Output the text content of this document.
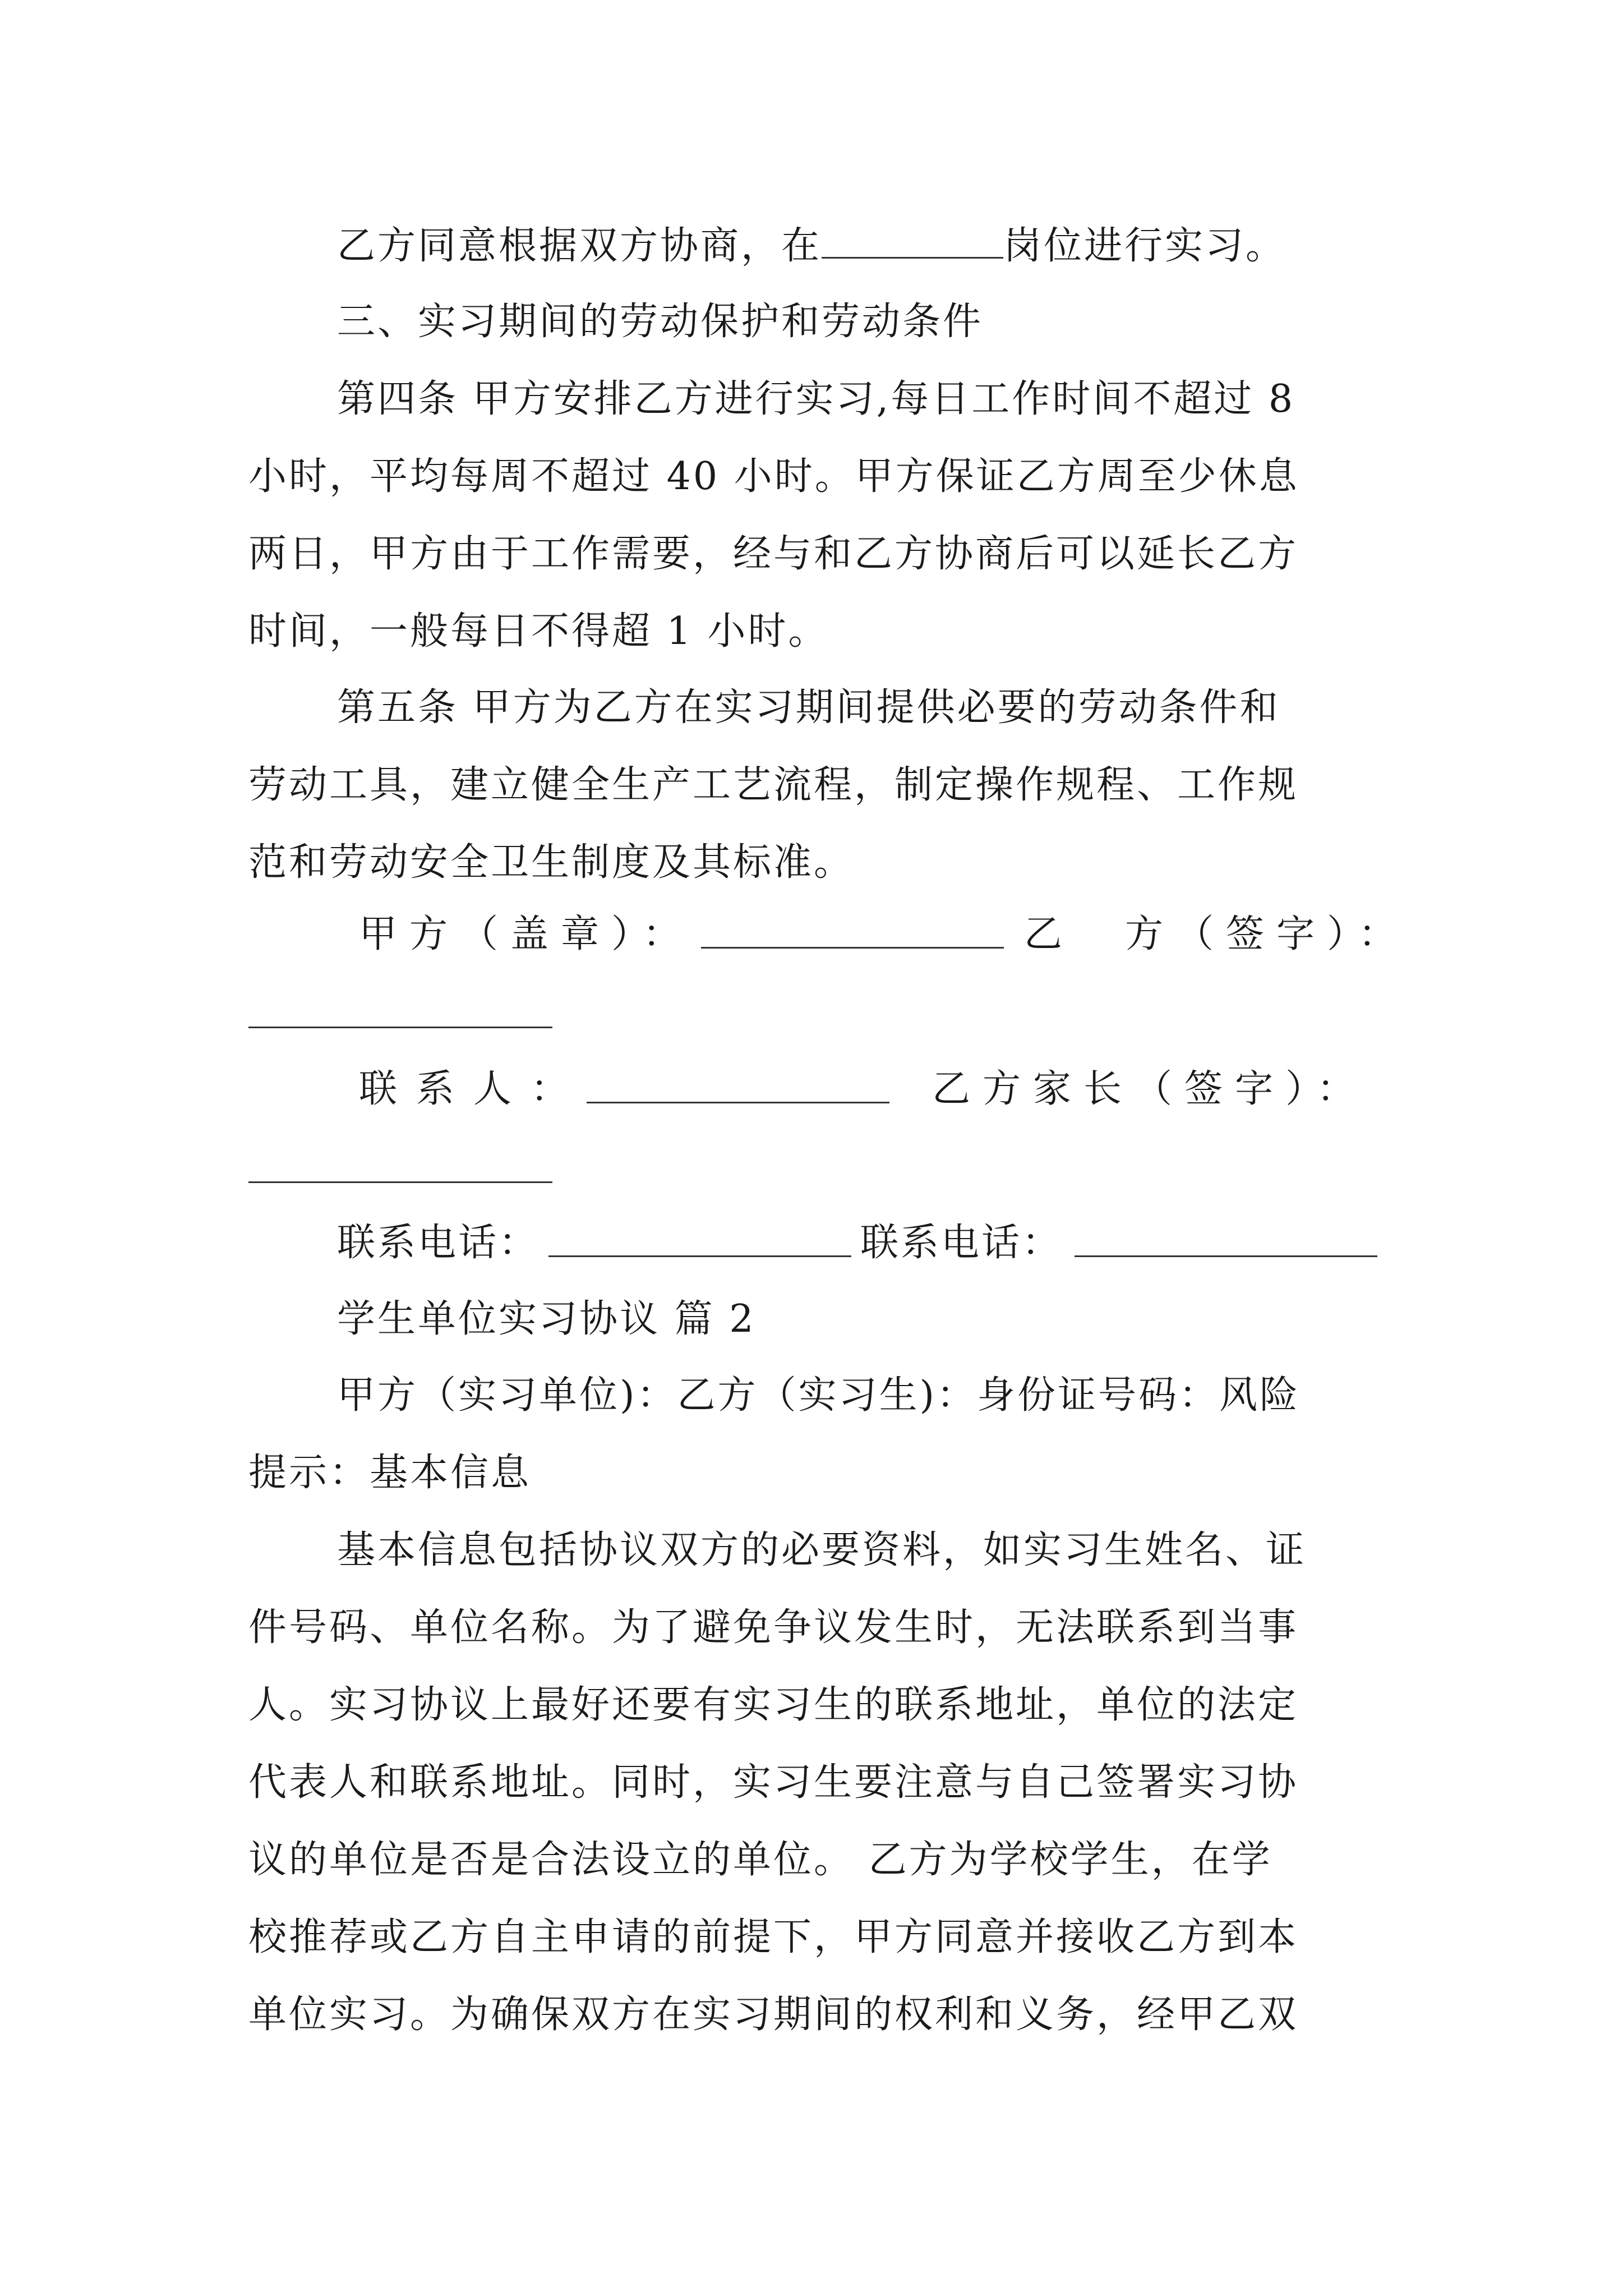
乙方同意根据双方协商，在	岗位进行实习。
三、实习期间的劳动保护和劳动条件
第四条 甲方安排乙方进行实习,每日工作时间不超过 8
小时，平均每周不超过 40 小时。甲方保证乙方周至少休息
两日，甲方由于工作需要，经与和乙方协商后可以延长乙方
时间，一般每日不得超 1 小时。
第五条 甲方为乙方在实习期间提供必要的劳动条件和
劳动工具，建立健全生产工艺流程，制定操作规程、工作规
范和劳动安全卫生制度及其标准。
甲方（盖章）：	乙　方（签字）：
联系人：	乙方家长（签字）：
联系电话：	联系电话：
学生单位实习协议 篇 2
甲方（实习单位)：乙方（实习生)：身份证号码：风险
提示：基本信息
基本信息包括协议双方的必要资料，如实习生姓名、证
件号码、单位名称。为了避免争议发生时，无法联系到当事
人。实习协议上最好还要有实习生的联系地址，单位的法定
代表人和联系地址。同时，实习生要注意与自己签署实习协
议的单位是否是合法设立的单位。 乙方为学校学生，在学
校推荐或乙方自主申请的前提下，甲方同意并接收乙方到本
单位实习。为确保双方在实习期间的权利和义务，经甲乙双
